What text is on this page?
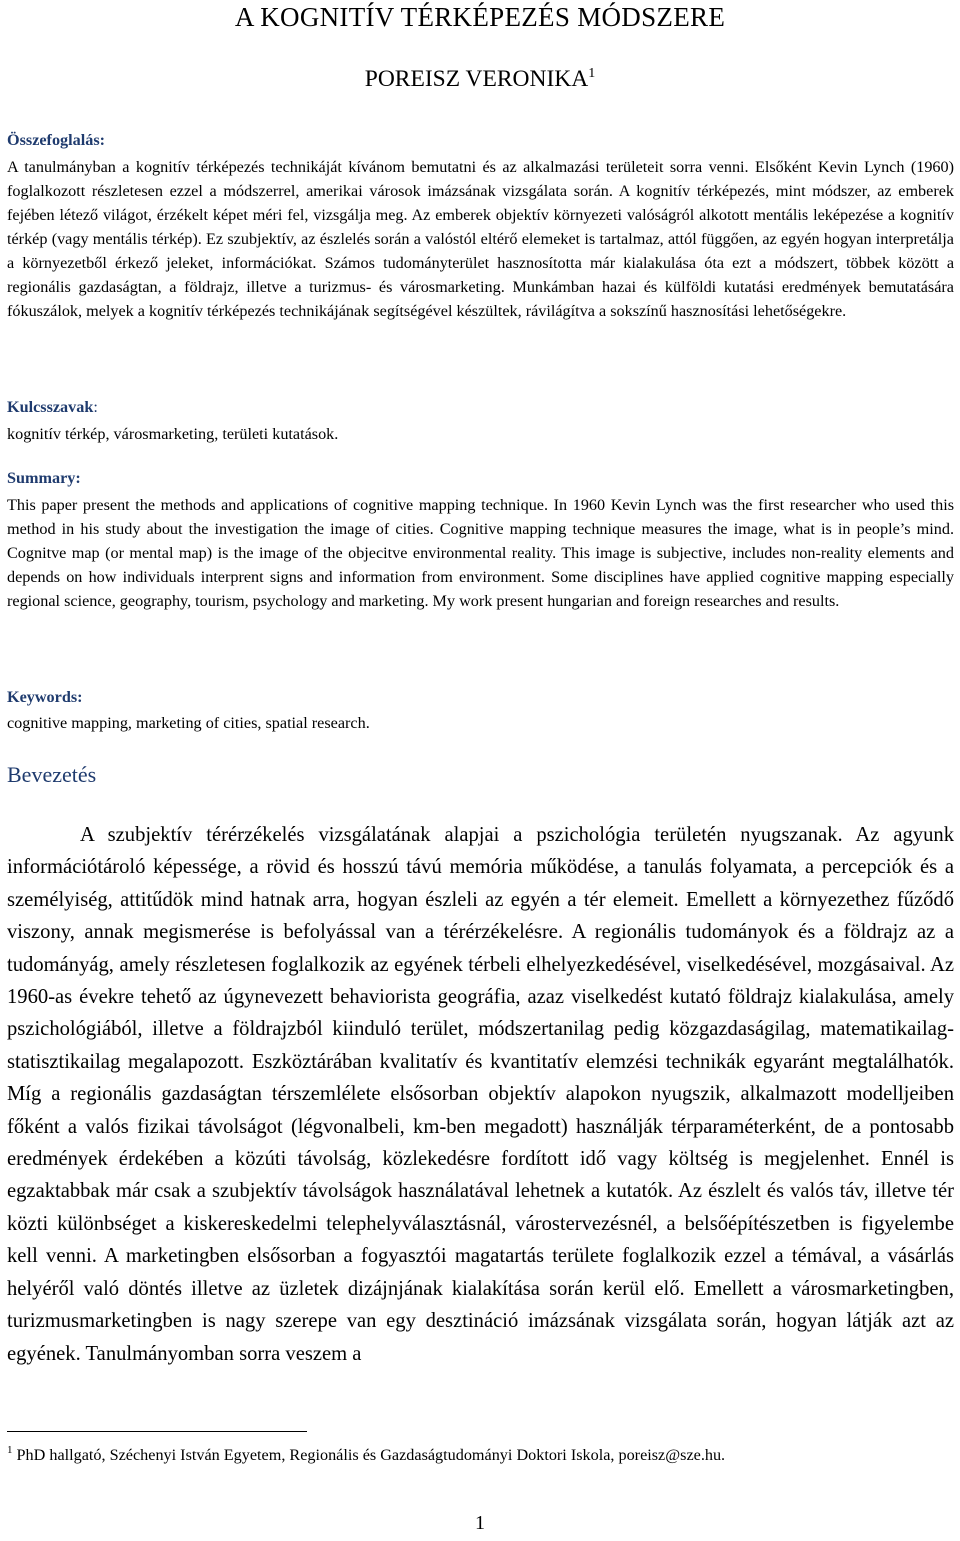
A KOGNITÍV TÉRKÉPEZÉS MÓDSZERE
POREISZ VERONIKA$^1$
Összefoglalás:
A tanulmányban a kognitív térképezés technikáját kívánom bemutatni és az alkalmazási területeit sorra venni. Elsőként Kevin Lynch (1960) foglalkozott részletesen ezzel a módszerrel, amerikai városok imázsának vizsgálata során. A kognitív térképezés, mint módszer, az emberek fejében létező világot, érzékelt képet méri fel, vizsgálja meg. Az emberek objektív környezeti valóságról alkotott mentális leképezése a kognitív térkép (vagy mentális térkép). Ez szubjektív, az észlelés során a valóstól eltérő elemeket is tartalmaz, attól függően, az egyén hogyan interpretálja a környezetből érkező jeleket, információkat. Számos tudományterület hasznosította már kialakulása óta ezt a módszert, többek között a regionális gazdaságtan, a földrajz, illetve a turizmus- és városmarketing. Munkámban hazai és külföldi kutatási eredmények bemutatására fókuszálok, melyek a kognitív térképezés technikájának segítségével készültek, rávilágítva a sokszínű hasznosítási lehetőségekre.
Kulcsszavak:
kognitív térkép, városmarketing, területi kutatások.
Summary:
This paper present the methods and applications of cognitive mapping technique. In 1960 Kevin Lynch was the first researcher who used this method in his study about the investigation the image of cities. Cognitive mapping technique measures the image, what is in people’s mind. Cognitve map (or mental map) is the image of the objecitve environmental reality. This image is subjective, includes non-reality elements and depends on how individuals interprent signs and information from environment. Some disciplines have applied cognitive mapping especially regional science, geography, tourism, psychology and marketing. My work present hungarian and foreign researches and results.
Keywords:
cognitive mapping, marketing of cities, spatial research.
Bevezetés
A szubjektív térérzékelés vizsgálatának alapjai a pszichológia területén nyugszanak. Az agyunk információtároló képessége, a rövid és hosszú távú memória működése, a tanulás folyamata, a percepciók és a személyiség, attitűdök mind hatnak arra, hogyan észleli az egyén a tér elemeit. Emellett a környezethez fűződő viszony, annak megismerése is befolyással van a térérzékelésre. A regionális tudományok és a földrajz az a tudományág, amely részletesen foglalkozik az egyének térbeli elhelyezkedésével, viselkedésével, mozgásaival. Az 1960-as évekre tehető az úgynevezett behaviorista geográfia, azaz viselkedést kutató földrajz kialakulása, amely pszichológiából, illetve a földrajzból kiinduló terület, módszertanilag pedig közgazdaságilag, matematikailag-statisztikailag megalapozott. Eszköztárában kvalitatív és kvantitatív elemzési technikák egyaránt megtalálhatók. Míg a regionális gazdaságtan térszemlélete elsősorban objektív alapokon nyugszik, alkalmazott modelljeiben főként a valós fizikai távolságot (légvonalbeli, km-ben megadott) használják térparaméterként, de a pontosabb eredmények érdekében a közúti távolság, közlekedésre fordított idő vagy költség is megjelenhet. Ennél is egzaktabbak már csak a szubjektív távolságok használatával lehetnek a kutatók. Az észlelt és valós táv, illetve tér közti különbséget a kiskereskedelmi telephelyválasztásnál, várostervezésnél, a belsőépítészetben is figyelembe kell venni. A marketingben elsősorban a fogyasztói magatartás területe foglalkozik ezzel a témával, a vásárlás helyéről való döntés illetve az üzletek dizájnjának kialakítása során kerül elő. Emellett a városmarketingben, turizmusmarketingben is nagy szerepe van egy desztináció imázsának vizsgálata során, hogyan látják azt az egyének. Tanulmányomban sorra veszem a
$^1$ PhD hallgató, Széchenyi István Egyetem, Regionális és Gazdaságtudományi Doktori Iskola, poreisz@sze.hu.
1
